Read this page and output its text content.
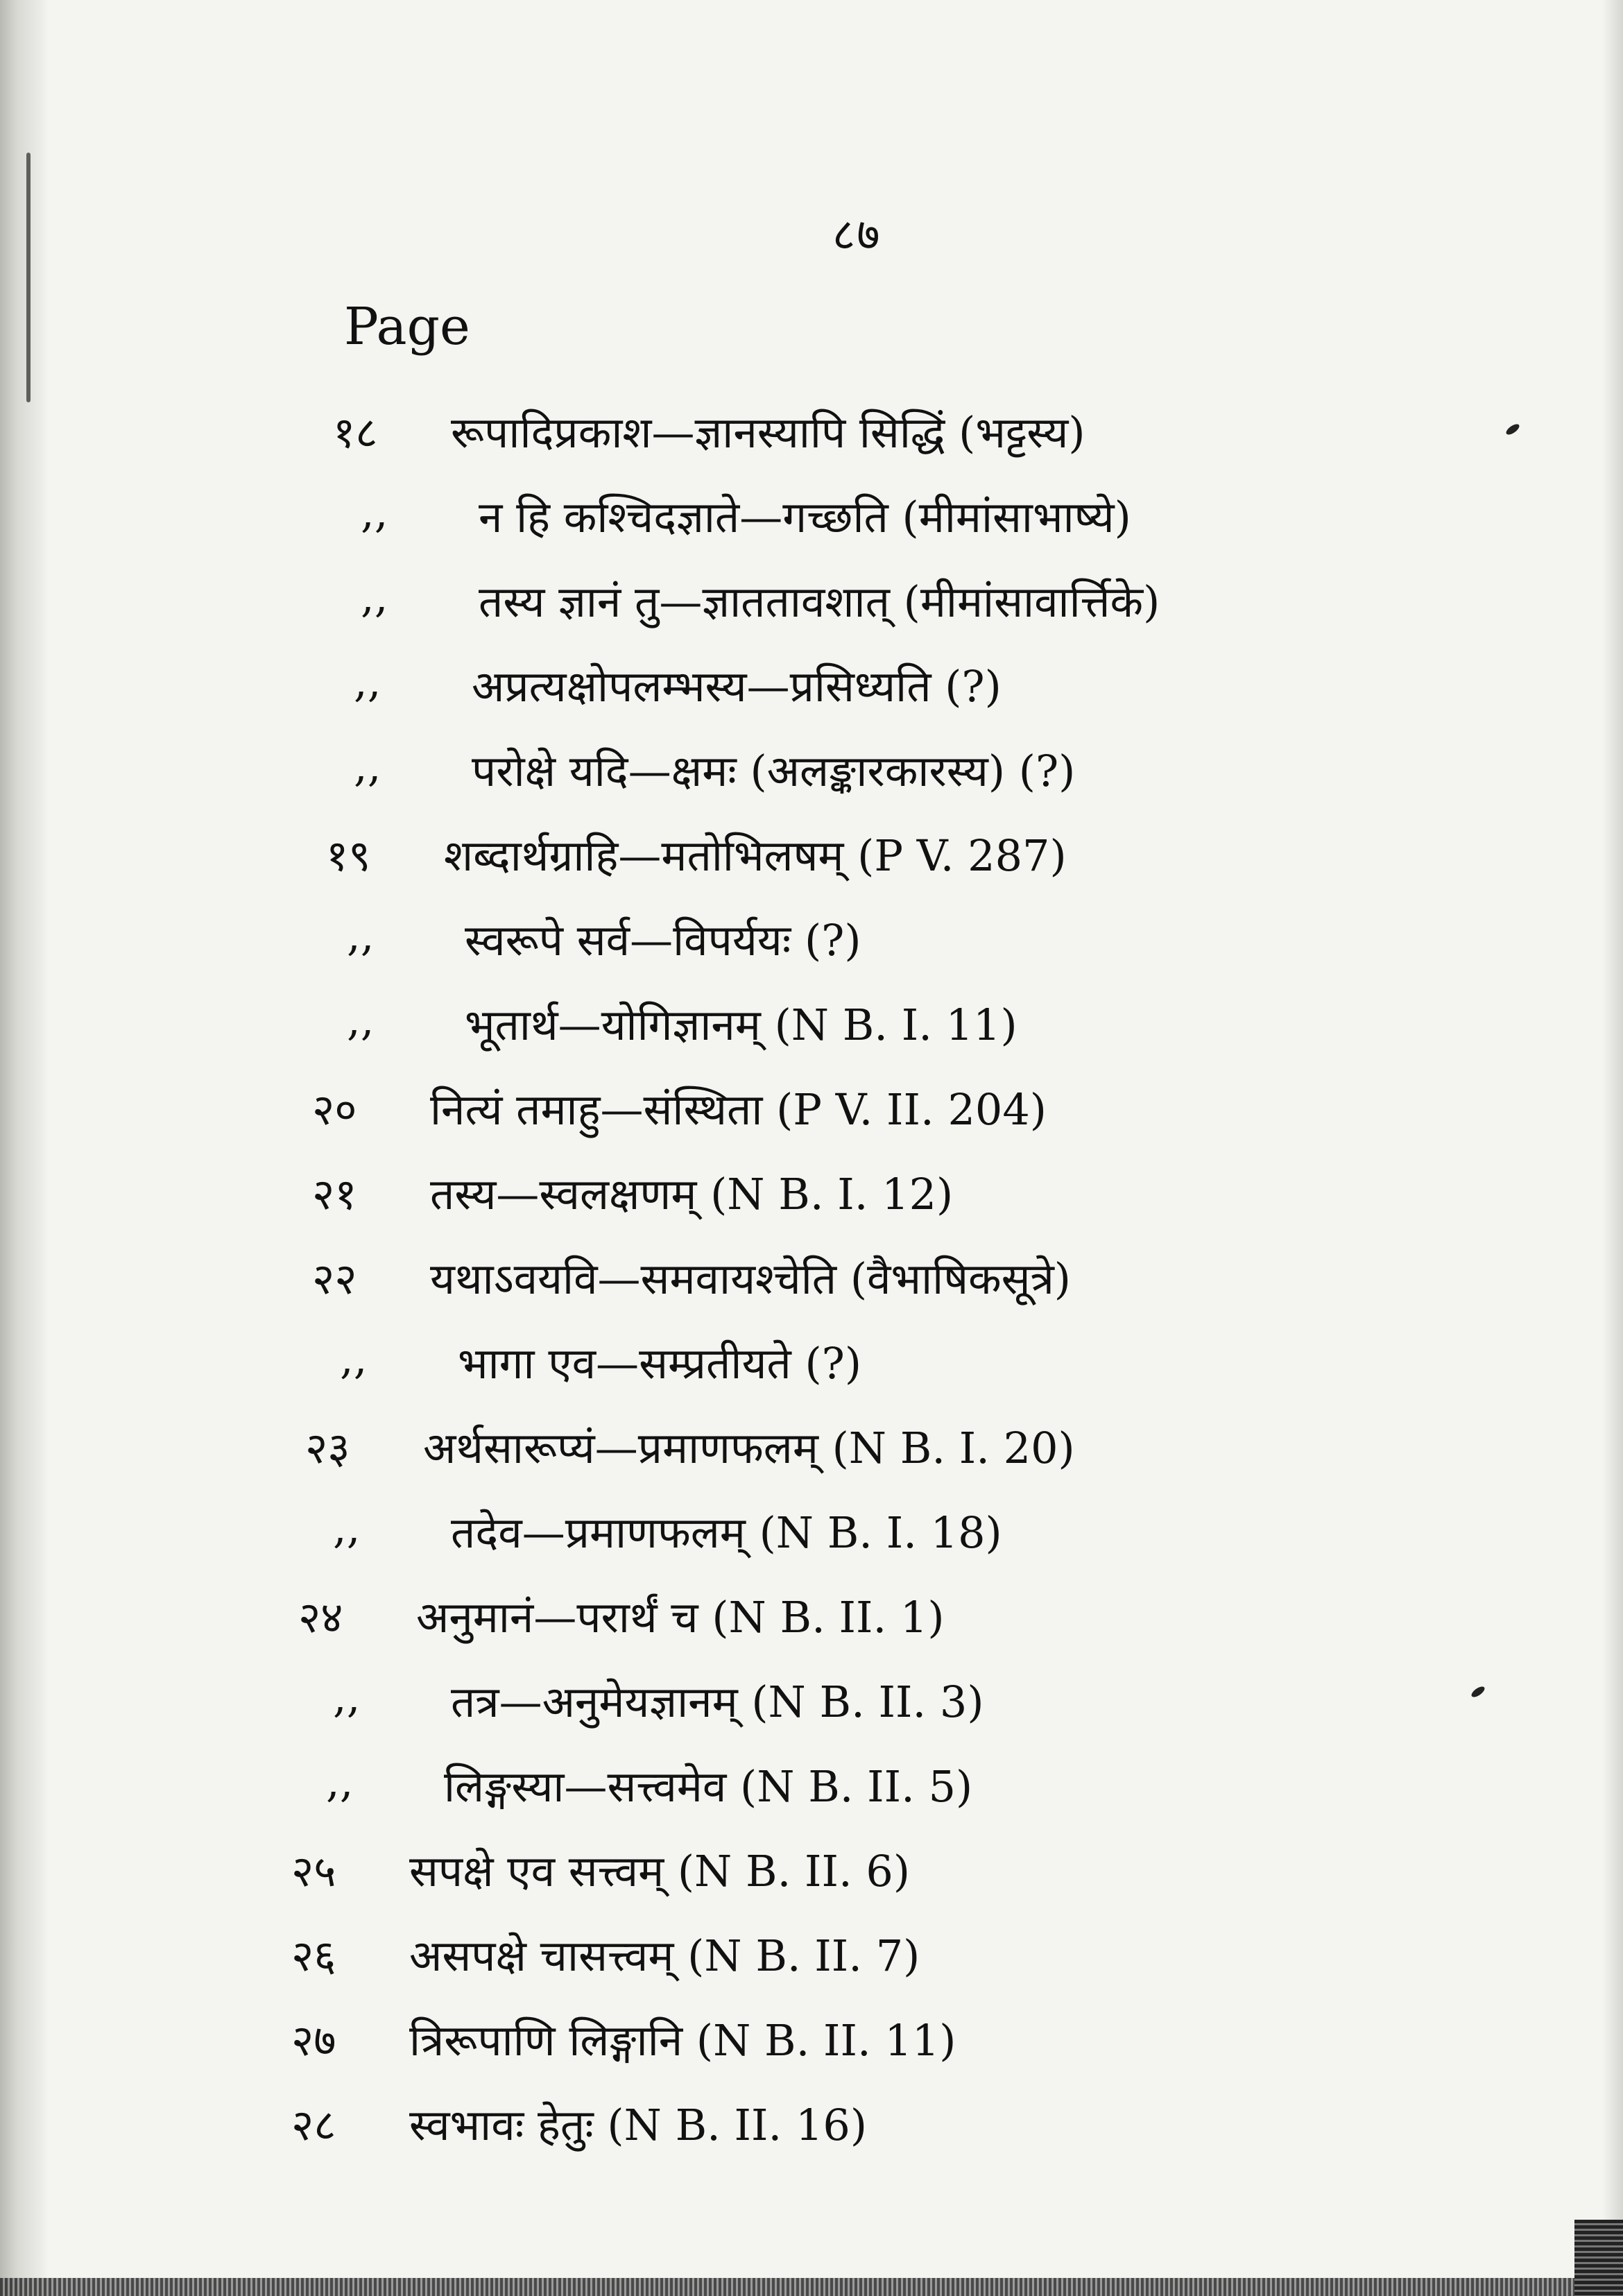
८७
Page
१८	रूपादिप्रकाश—ज्ञानस्यापि सिद्धिं (भट्टस्य)
,,	न हि कश्चिदज्ञाते—गच्छति (मीमांसाभाष्ये)
,,	तस्य ज्ञानं तु—ज्ञाततावशात् (मीमांसावार्त्तिके)
,,	अप्रत्यक्षोपलम्भस्य—प्रसिध्यति (?)
,,	परोक्षे यदि—क्षमः (अलङ्कारकारस्य) (?)
१९	शब्दार्थग्राहि—मतोभिलषम् (P V. 287)
,,	स्वरूपे सर्व—विपर्ययः (?)
,,	भूतार्थ—योगिज्ञानम् (N B. I. 11)
२०	नित्यं तमाहु—संस्थिता (P V. II. 204)
२१	तस्य—स्वलक्षणम् (N B. I. 12)
२२	यथाऽवयवि—समवायश्चेति (वैभाषिकसूत्रे)
,,	भागा एव—सम्प्रतीयते (?)
२३	अर्थसारूप्यं—प्रमाणफलम् (N B. I. 20)
,,	तदेव—प्रमाणफलम् (N B. I. 18)
२४	अनुमानं—परार्थं च (N B. II. 1)
,,	तत्र—अनुमेयज्ञानम् (N B. II. 3)
,,	लिङ्गस्या—सत्त्वमेव (N B. II. 5)
२५	सपक्षे एव सत्त्वम् (N B. II. 6)
२६	असपक्षे चासत्त्वम् (N B. II. 7)
२७	त्रिरूपाणि लिङ्गानि (N B. II. 11)
२८	स्वभावः हेतुः (N B. II. 16)
